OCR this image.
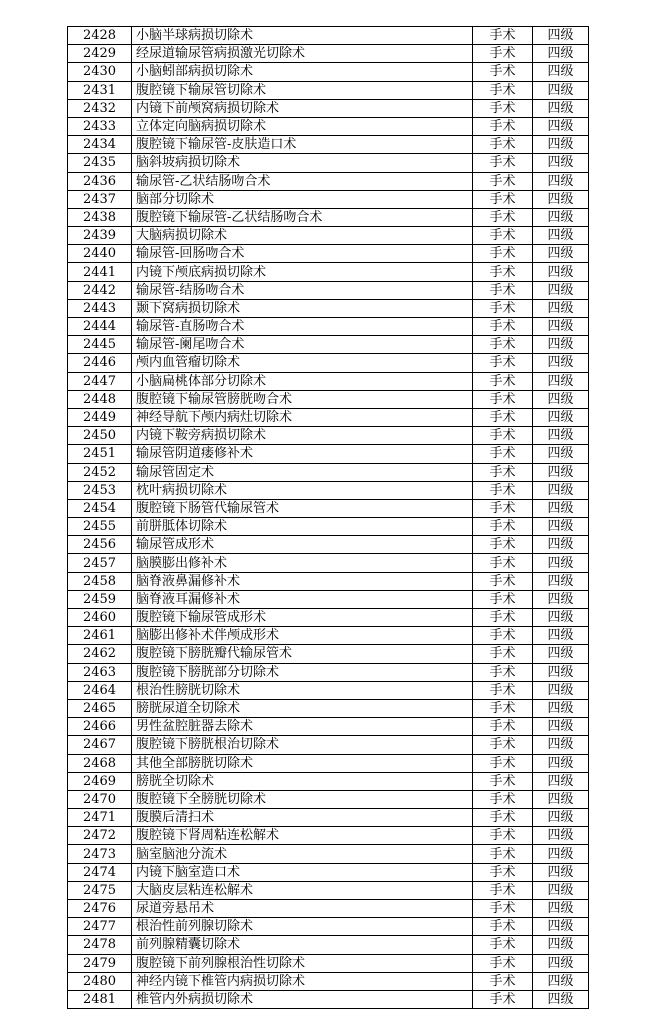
2428	小脑半球病损切除术	手术	四级
2429	经尿道输尿管病损激光切除术	手术	四级
2430	小脑蚓部病损切除术	手术	四级
2431	腹腔镜下输尿管切除术	手术	四级
2432	内镜下前颅窝病损切除术	手术	四级
2433	立体定向脑病损切除术	手术	四级
2434	腹腔镜下输尿管-皮肤造口术	手术	四级
2435	脑斜坡病损切除术	手术	四级
2436	输尿管-乙状结肠吻合术	手术	四级
2437	脑部分切除术	手术	四级
2438	腹腔镜下输尿管-乙状结肠吻合术	手术	四级
2439	大脑病损切除术	手术	四级
2440	输尿管-回肠吻合术	手术	四级
2441	内镜下颅底病损切除术	手术	四级
2442	输尿管-结肠吻合术	手术	四级
2443	颞下窝病损切除术	手术	四级
2444	输尿管-直肠吻合术	手术	四级
2445	输尿管-阑尾吻合术	手术	四级
2446	颅内血管瘤切除术	手术	四级
2447	小脑扁桃体部分切除术	手术	四级
2448	腹腔镜下输尿管膀胱吻合术	手术	四级
2449	神经导航下颅内病灶切除术	手术	四级
2450	内镜下鞍旁病损切除术	手术	四级
2451	输尿管阴道瘘修补术	手术	四级
2452	输尿管固定术	手术	四级
2453	枕叶病损切除术	手术	四级
2454	腹腔镜下肠管代输尿管术	手术	四级
2455	前胼胝体切除术	手术	四级
2456	输尿管成形术	手术	四级
2457	脑膜膨出修补术	手术	四级
2458	脑脊液鼻漏修补术	手术	四级
2459	脑脊液耳漏修补术	手术	四级
2460	腹腔镜下输尿管成形术	手术	四级
2461	脑膨出修补术伴颅成形术	手术	四级
2462	腹腔镜下膀胱瓣代输尿管术	手术	四级
2463	腹腔镜下膀胱部分切除术	手术	四级
2464	根治性膀胱切除术	手术	四级
2465	膀胱尿道全切除术	手术	四级
2466	男性盆腔脏器去除术	手术	四级
2467	腹腔镜下膀胱根治切除术	手术	四级
2468	其他全部膀胱切除术	手术	四级
2469	膀胱全切除术	手术	四级
2470	腹腔镜下全膀胱切除术	手术	四级
2471	腹膜后清扫术	手术	四级
2472	腹腔镜下肾周粘连松解术	手术	四级
2473	脑室脑池分流术	手术	四级
2474	内镜下脑室造口术	手术	四级
2475	大脑皮层粘连松解术	手术	四级
2476	尿道旁悬吊术	手术	四级
2477	根治性前列腺切除术	手术	四级
2478	前列腺精囊切除术	手术	四级
2479	腹腔镜下前列腺根治性切除术	手术	四级
2480	神经内镜下椎管内病损切除术	手术	四级
2481	椎管内外病损切除术	手术	四级
